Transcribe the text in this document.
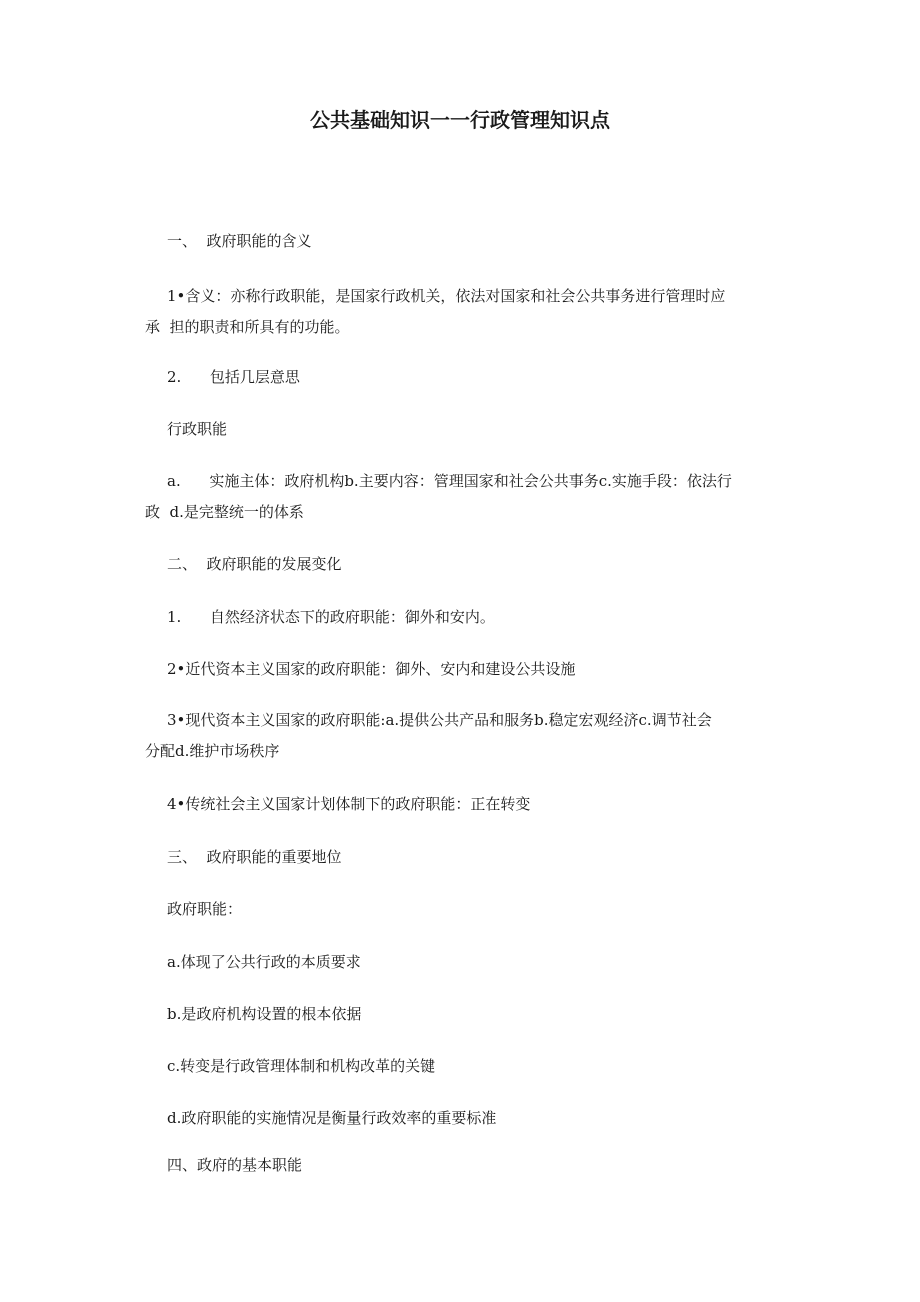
公共基础知识一一行政管理知识点
一、  政府职能的含义
1•含义：亦称行政职能，是国家行政机关，依法对国家和社会公共事务进行管理时应
承  担的职责和所具有的功能。
2.      包括几层意思
行政职能
a.      实施主体：政府机构b.主要内容：管理国家和社会公共事务c.实施手段：依法行
政  d.是完整统一的体系
二、  政府职能的发展变化
1.      自然经济状态下的政府职能：御外和安内。
2•近代资本主义国家的政府职能：御外、安内和建设公共设施
3•现代资本主义国家的政府职能:a.提供公共产品和服务b.稳定宏观经济c.调节社会
分配d.维护市场秩序
4•传统社会主义国家计划体制下的政府职能：正在转变
三、  政府职能的重要地位
政府职能：
a.体现了公共行政的本质要求
b.是政府机构设置的根本依据
c.转变是行政管理体制和机构改革的关键
d.政府职能的实施情况是衡量行政效率的重要标准
四、政府的基本职能
